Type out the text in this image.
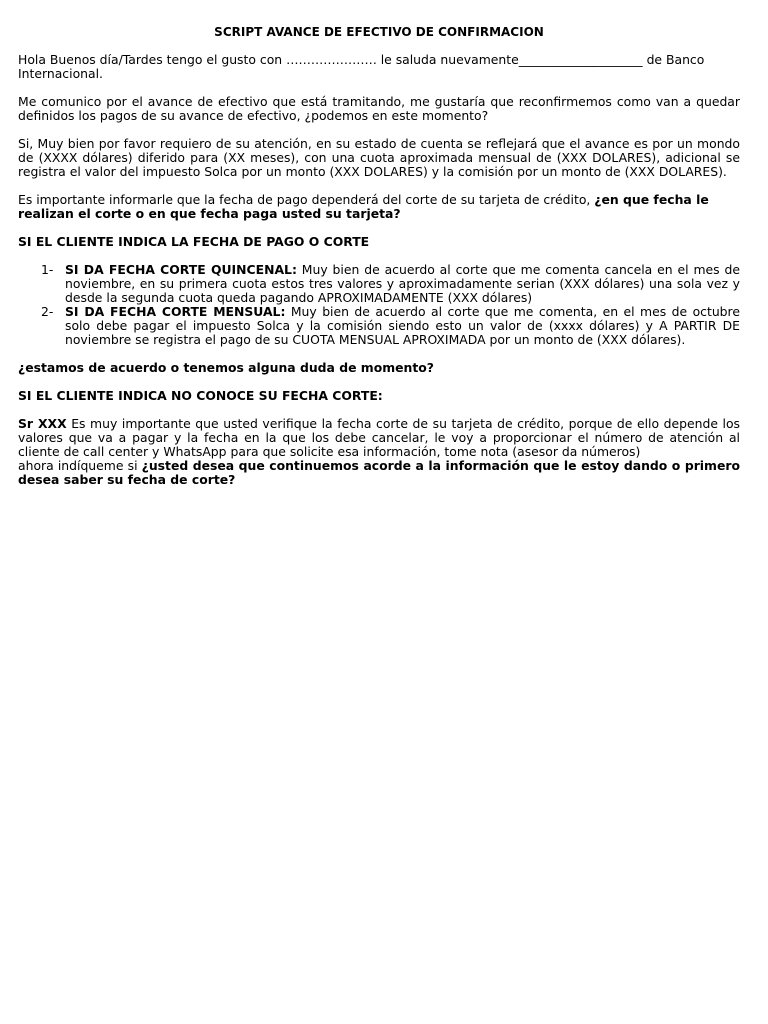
SCRIPT AVANCE DE EFECTIVO DE CONFIRMACION

Hola Buenos día/Tardes tengo el gusto con …………………. le saluda nuevamente____________________ de Banco Internacional.

Me comunico por el avance de efectivo que está tramitando, me gustaría que reconfirmemos como van a quedar definidos los pagos de su avance de efectivo, ¿podemos en este momento?

Si, Muy bien por favor requiero de su atención, en su estado de cuenta se reflejará que el avance es por un mondo de (XXXX dólares) diferido para (XX meses), con una cuota aproximada mensual de (XXX DOLARES), adicional se registra el valor del impuesto Solca por un monto (XXX DOLARES) y la comisión por un monto de (XXX DOLARES).

Es importante informarle que la fecha de pago dependerá del corte de su tarjeta de crédito, ¿en que fecha le realizan el corte o en que fecha paga usted su tarjeta?

SI EL CLIENTE INDICA LA FECHA DE PAGO O CORTE
1- SI DA FECHA CORTE QUINCENAL: Muy bien de acuerdo al corte que me comenta cancela en el mes de noviembre, en su primera cuota estos tres valores y aproximadamente serian (XXX dólares) una sola vez y desde la segunda cuota queda pagando APROXIMADAMENTE (XXX dólares)
2- SI DA FECHA CORTE MENSUAL: Muy bien de acuerdo al corte que me comenta, en el mes de octubre solo debe pagar el impuesto Solca y la comisión siendo esto un valor de (xxxx dólares) y A PARTIR DE noviembre se registra el pago de su CUOTA MENSUAL APROXIMADA por un monto de (XXX dólares).
¿estamos de acuerdo o tenemos alguna duda de momento?
SI EL CLIENTE INDICA NO CONOCE SU FECHA CORTE:

Sr XXX Es muy importante que usted verifique la fecha corte de su tarjeta de crédito, porque de ello depende los valores que va a pagar y la fecha en la que los debe cancelar, le voy a proporcionar el número de atención al cliente de call center y WhatsApp para que solicite esa información, tome nota (asesor da números)
ahora indíqueme si ¿usted desea que continuemos acorde a la información que le estoy dando o primero desea saber su fecha de corte?
